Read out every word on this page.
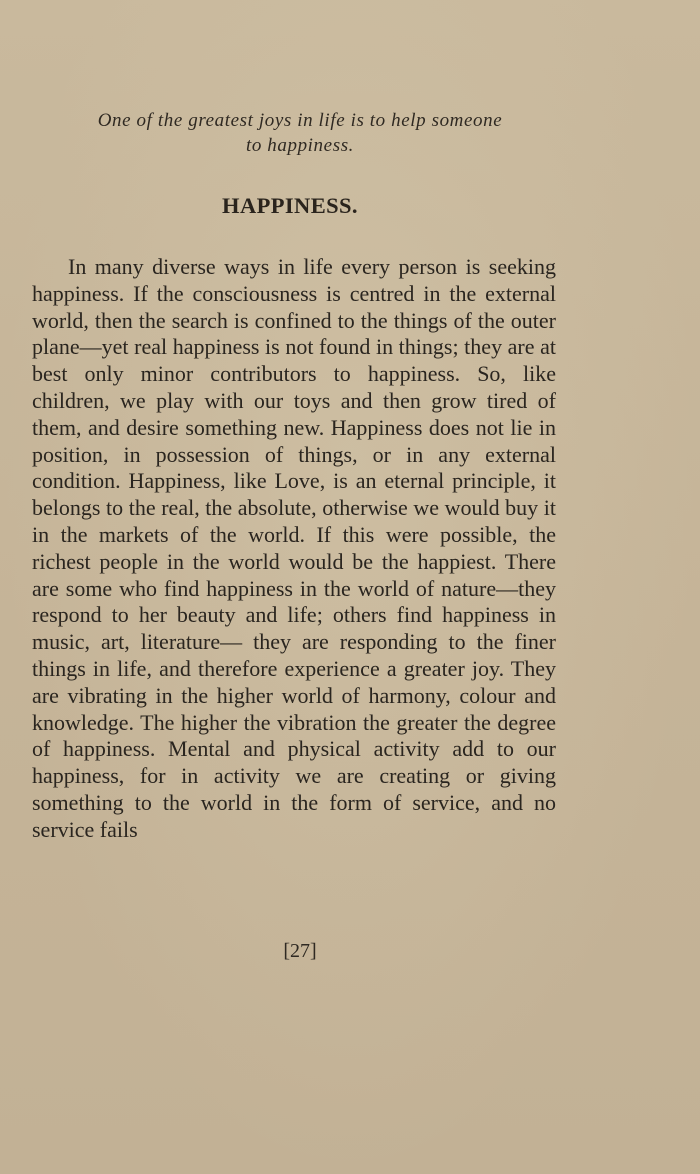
One of the greatest joys in life is to help someone
to happiness.
HAPPINESS.

In many diverse ways in life every person is seeking happiness. If the consciousness is centred in the external world, then the search is confined to the things of the outer plane—yet real happiness is not found in things; they are at best only minor contributors to happiness. So, like children, we play with our toys and then grow tired of them, and desire something new. Happiness does not lie in position, in possession of things, or in any external condition. Happiness, like Love, is an eternal principle, it belongs to the real, the absolute, otherwise we would buy it in the markets of the world. If this were possible, the richest people in the world would be the happiest. There are some who find happiness in the world of nature—they respond to her beauty and life; others find happiness in music, art, literature— they are responding to the finer things in life, and therefore experience a greater joy. They are vibrating in the higher world of harmony, colour and knowledge. The higher the vibration the greater the degree of happiness. Mental and physical activity add to our happiness, for in activity we are creating or giving something to the world in the form of service, and no service fails

[27]
